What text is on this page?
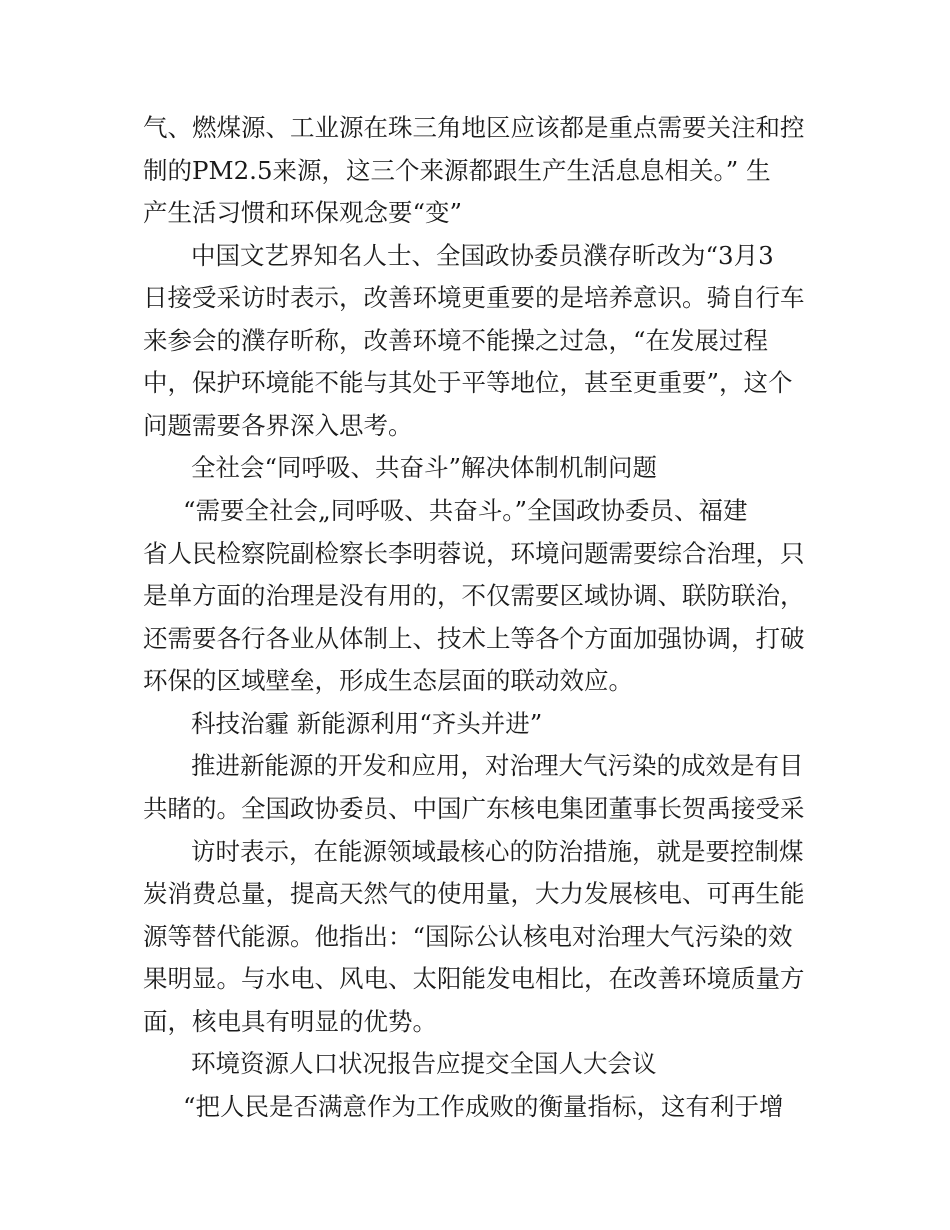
气、燃煤源、工业源在珠三角地区应该都是重点需要关注和控
制的PM2.5来源，这三个来源都跟生产生活息息相关。” 生
产生活习惯和环保观念要“变”
中国文艺界知名人士、全国政协委员濮存昕改为“3月3
日接受采访时表示，改善环境更重要的是培养意识。骑自行车
来参会的濮存昕称，改善环境不能操之过急，“在发展过程
中，保护环境能不能与其处于平等地位，甚至更重要”，这个
问题需要各界深入思考。
全社会“同呼吸、共奋斗”解决体制机制问题
“需要全社会„同呼吸、共奋斗。”全国政协委员、福建
省人民检察院副检察长李明蓉说，环境问题需要综合治理，只
是单方面的治理是没有用的，不仅需要区域协调、联防联治，
还需要各行各业从体制上、技术上等各个方面加强协调，打破
环保的区域壁垒，形成生态层面的联动效应。
科技治霾 新能源利用“齐头并进”
推进新能源的开发和应用，对治理大气污染的成效是有目
共睹的。全国政协委员、中国广东核电集团董事长贺禹接受采
访时表示，在能源领域最核心的防治措施，就是要控制煤
炭消费总量，提高天然气的使用量，大力发展核电、可再生能
源等替代能源。他指出：“国际公认核电对治理大气污染的效
果明显。与水电、风电、太阳能发电相比，在改善环境质量方
面，核电具有明显的优势。
环境资源人口状况报告应提交全国人大会议
“把人民是否满意作为工作成败的衡量指标，这有利于增
